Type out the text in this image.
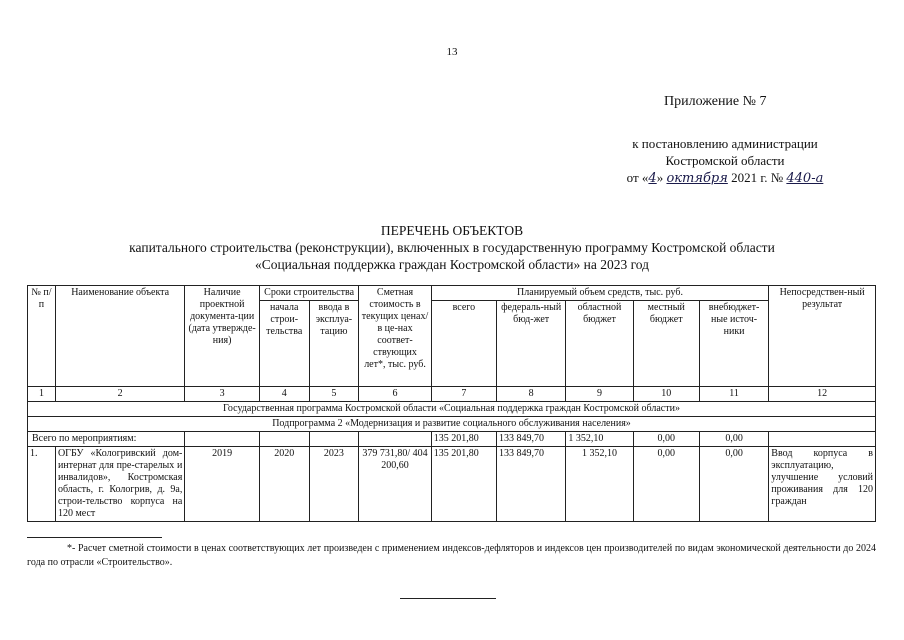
13
Приложение № 7
к постановлению администрации
Костромской области
от «4» октября 2021 г. № 440-а
ПЕРЕЧЕНЬ ОБЪЕКТОВ
капитального строительства (реконструкции), включенных в государственную программу Костромской области
«Социальная поддержка граждан Костромской области» на 2023 год
№ п/п	Наименование объекта	Наличие проектной документа-ции (дата утвержде-ния)	Сроки строительства		Сметная стоимость в текущих ценах/в це-нах соответ-ствующих лет*, тыс. руб.	Планируемый объем средств, тыс. руб.					Непосредствен-ный результат
			начала строи-тельства	ввода в эксплуа-тацию		всего	федераль-ный бюд-жет	областной бюджет	местный бюджет	внебюджет-ные источ-ники	
1	2	3	4	5	6	7	8	9	10	11	12
Государственная программа Костромской области «Социальная поддержка граждан Костромской области»											
Подпрограмма 2 «Модернизация и развитие социального обслуживания населения»											
Всего по мероприятиям:						135 201,80	133 849,70	1 352,10	0,00	0,00	
1.	ОГБУ «Кологривский дом-интернат для пре-старелых и инвалидов», Костромская область, г. Кологрив, д. 9а, строи-тельство корпуса на 120 мест	2019	2020	2023	379 731,80/ 404 200,60	135 201,80	133 849,70	1 352,10	0,00	0,00	Ввод корпуса в эксплуатацию, улучшение условий проживания для 120 граждан
*- Расчет сметной стоимости в ценах соответствующих лет произведен с применением индексов-дефляторов и индексов цен производителей по видам экономической деятельности до 2024 года по отрасли «Строительство».
